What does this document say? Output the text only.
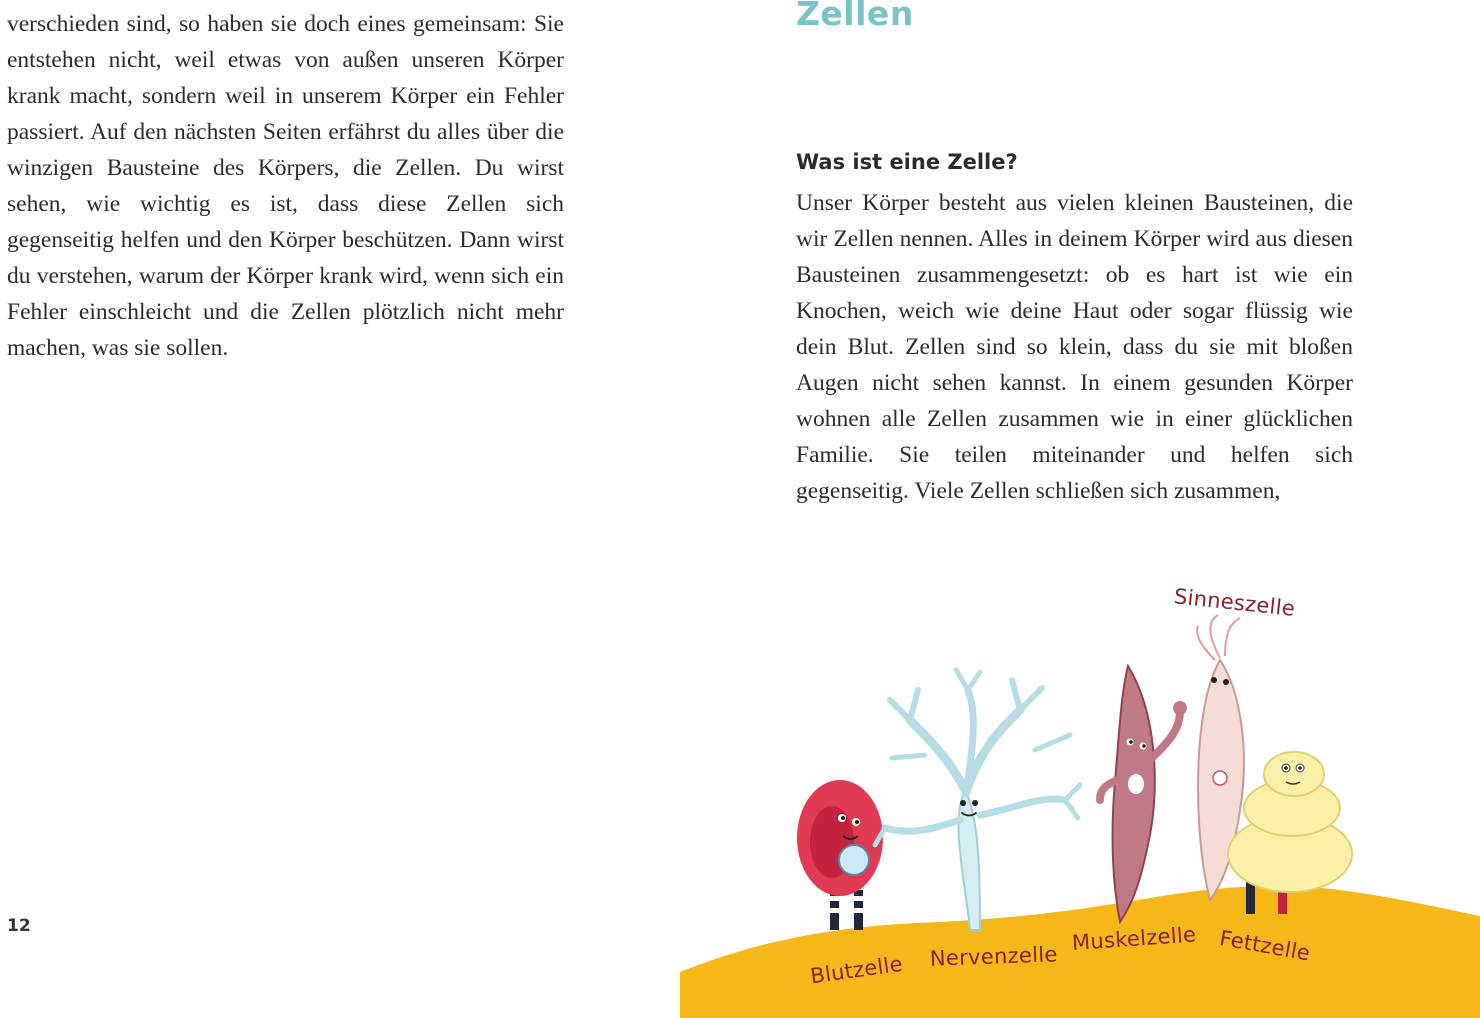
verschieden sind, so haben sie doch eines gemeinsam: Sie entstehen nicht, weil etwas von außen unseren Körper krank macht, sondern weil in unserem Körper ein Fehler passiert. Auf den nächsten Seiten erfährst du alles über die winzigen Bausteine des Körpers, die Zellen. Du wirst sehen, wie wichtig es ist, dass diese Zellen sich gegenseitig helfen und den Körper beschützen. Dann wirst du verstehen, warum der Körper krank wird, wenn sich ein Fehler einschleicht und die Zellen plötzlich nicht mehr machen, was sie sollen.

12
Zellen
Was ist eine Zelle?

Unser Körper besteht aus vielen kleinen Bausteinen, die wir Zellen nennen. Alles in deinem Körper wird aus diesen Bausteinen zusammengesetzt: ob es hart ist wie ein Knochen, weich wie deine Haut oder sogar flüssig wie dein Blut. Zellen sind so klein, dass du sie mit bloßen Augen nicht sehen kannst. In einem gesunden Körper wohnen alle Zellen zusammen wie in einer glücklichen Familie. Sie teilen miteinander und helfen sich gegenseitig. Viele Zellen schließen sich zusammen,

Sinneszelle
Blutzelle Nervenzelle
Muskelzelle Fettzelle
